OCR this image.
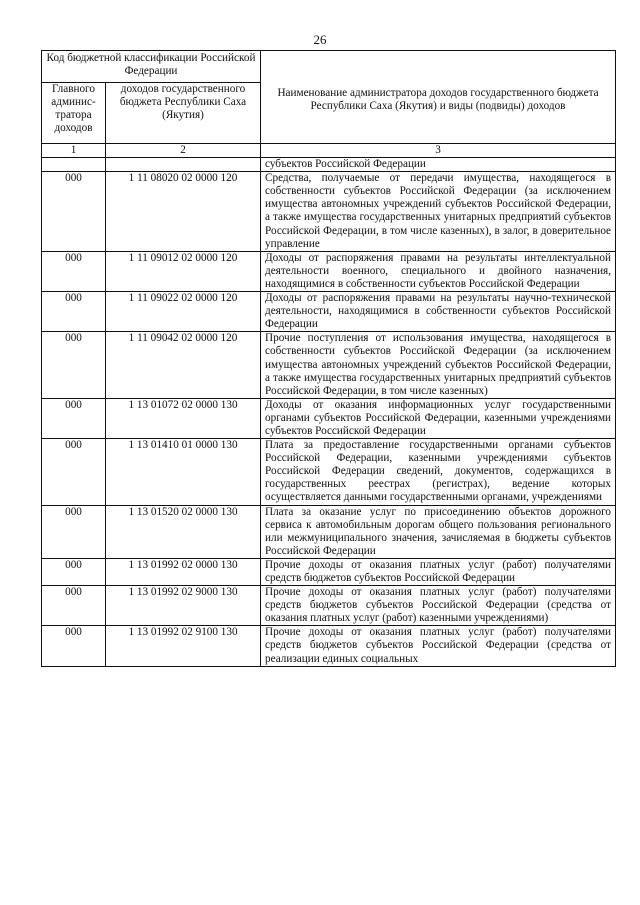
26
Код бюджетной классификации Российской Федерации		Наименование администратора доходов государственного бюджета Республики Саха (Якутия) и виды (подвиды) доходов
Главного админис-тратора доходов	доходов государственного бюджета Республики Саха (Якутия)	
1	2	3
		субъектов Российской Федерации
000	1 11 08020 02 0000 120	Средства, получаемые от передачи имущества, находящегося в собственности субъектов Российской Федерации (за исключением имущества автономных учреждений субъектов Российской Федерации, а также имущества государственных унитарных предприятий субъектов Российской Федерации, в том числе казенных), в залог, в доверительное управление
000	1 11 09012 02 0000 120	Доходы от распоряжения правами на результаты интеллектуальной деятельности военного, специального и двойного назначения, находящимися в собственности субъектов Российской Федерации
000	1 11 09022 02 0000 120	Доходы от распоряжения правами на результаты научно-технической деятельности, находящимися в собственности субъектов Российской Федерации
000	1 11 09042 02 0000 120	Прочие поступления от использования имущества, находящегося в собственности субъектов Российской Федерации (за исключением имущества автономных учреждений субъектов Российской Федерации, а также имущества государственных унитарных предприятий субъектов Российской Федерации, в том числе казенных)
000	1 13 01072 02 0000 130	Доходы от оказания информационных услуг государственными органами субъектов Российской Федерации, казенными учреждениями субъектов Российской Федерации
000	1 13 01410 01 0000 130	Плата за предоставление государственными органами субъектов Российской Федерации, казенными учреждениями субъектов Российской Федерации сведений, документов, содержащихся в государственных реестрах (регистрах), ведение которых осуществляется данными государственными органами, учреждениями
000	1 13 01520 02 0000 130	Плата за оказание услуг по присоединению объектов дорожного сервиса к автомобильным дорогам общего пользования регионального или межмуниципального значения, зачисляемая в бюджеты субъектов Российской Федерации
000	1 13 01992 02 0000 130	Прочие доходы от оказания платных услуг (работ) получателями средств бюджетов субъектов Российской Федерации
000	1 13 01992 02 9000 130	Прочие доходы от оказания платных услуг (работ) получателями средств бюджетов субъектов Российской Федерации (средства от оказания платных услуг (работ) казенными учреждениями)
000	1 13 01992 02 9100 130	Прочие доходы от оказания платных услуг (работ) получателями средств бюджетов субъектов Российской Федерации (средства от реализации единых социальных
